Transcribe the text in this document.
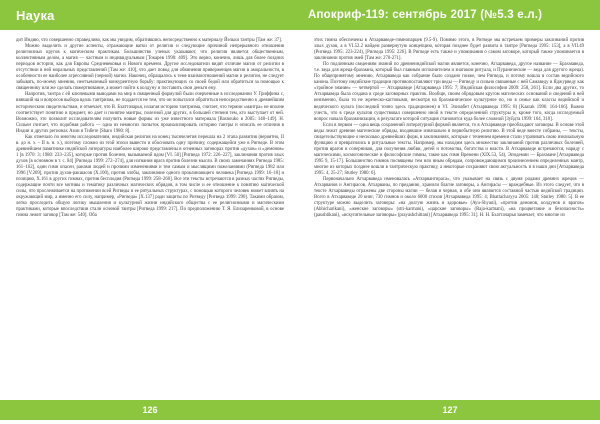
Наука

дит Индию, что совершенно справедливо, как мы увидим, обратившись непосредственно к материалу Йельки тантры [Там же: 37].

Можно выделить и другие аспекты, отражающие ватки от религии и следующие причиной непрерывного отношения религиозных кругов к магическим практикам. Большинство ученых указывают, что религия является общественным, коллективным делом, а магия — частным и индивидуальным [Токарев 1990: 409]. Это верно, конечно, лишь для более поздних периодов истории, как для Европы Средневековья и Нового времени. Другие исследователи видят отличие магии от религии в отсутствии в ней моральных представлений [Там же: 410], что дает повод для обвинения приверженцев магии в аморальности, в особенности ее наиболее агрессивной (черной) магии. Наконец, обращалось к теме взаимоотношений магии и религии, не следует забывать, по-моему мнению, неотъемлемый конкурентную борьбу: практикующих со своей бедой или обратиться за помощью к священнику или же сделать пожертвование, а может пойти к колдуну и поставить свои деньги ему.

Напротив, тантра с ей ключевыми выводами на мир в священный формулой были очерченные в исследовании У. Гриффина с, взявший на и вопросов выбора вдоль тантризма, не поддается не тем, что он попытался обратиться непосредственно к древнейшим историческим свидетельствам, и отмечает, что В. Бхаттачарья, излагая историю тантризма, считает, что термин «мантра» не вполне соответствует понятию и предмет, но дает и понятие мантры, полезной для других, в большей степени тем, кто выступает от ней. Возможно, это позволит исследователям получить новые формы из уже известного материала [Basnouko в 2005: 148–149]. Н. Сильен считает, что подобная работа — одна из немногих попыток проанализировать историю тантры и описать ее отличия в Индии и других регионах Азии и Тибете [Sharo 1980: 8].

Как отмечало по многим исследователям, индийская религия на конец тысячелетия перешла на 2 этапа развития (вероятно, II в. до н. э. – II в. н. э.), поэтому сложно из этой эпохи вывести и обосновать одну причину, содержащейся уже в Ригведе. В этом древнейшем памятнике индийской литературы наиболее широко представлены в огненных заговорах против «духов» и «демонов» 1 [в 1970: 3; 1980: 233–235], которые против болезни, вызываемой ядом [VI. 50] [Ригведа 1972: 226–227], заклинания против злых духов [в основном в т. с. 84] [Ригведа 1999: 272–274], для изгнания врага против болезни мысли. В своих замечаниях Ригведа 1985: 161–162], один гимн опасен, ранами людей и прочими изменениями и тем самым и мыслящими пожеланиями (Ригведа 1982 или 1996 [V.209], против духов-ракшасов (X.100), против злобы, заклинание одного проклинающего человека [Ригведа 1999: 16–18] и позицию, X.161 в других гимнах, против бесплодия (Ригведа 1999: 258–260]. Все эти тексты встречаются в разных частях Ригведы, содержащие почти все мотивы и тематику различных магических обрядов, в том числе и ее отношение к понятию магической силы, что прослеживается на протяжении всей Ригведы и ее ритуальных структурах, с помощью которого человек может влиять на окружающий мир, а именно его силу, например, «Ригведа» [X.137] ради защиты по Ригведу [Ригведа 1999: 290]. Такими образом, легко проследить общую логику мышления и культурной жизни индийского общества с ее религиозными и магическими практиками, которые впоследствии стали основой тантры [Ригведа 1999: 217]. По предположению Т. Я. Елизаренковой, в основе гимна лежит заговор [Там же: 540]. Оба

126
Апокриф-119: сентябрь 2017 (№5.3 е.л.)

этих гимна обеспечены в Атхарваведе-гимнопарцев (9.5-9). Помимо этого, в Ригведе мы встречаем примеры заклинаний против злых духов, а в VI.52.2 найдем развернутую концепцию, которая позднее будет развита в тантре [Ригведа 1995: 153], а в VII.49 (Ригведа 1995: 223-224), [Ригведа 1995: 226]. В Ригведе есть также и упоминания о самом заговоре, который также упоминается в заклинании против змей [Там же: 270-271].

По подлинным сведениям знаний по древнеиндийской магии является, конечно, Атхарваведа, другое название — Брахмаведа, т.е. веда для жреца-брахмана, который был главным исполнителем и знатоком ритуала, и Пуранические — веда для другого жреца). По общепринятому мнению, Атхарваведа как собрание было создано позже, чем Ригведа, и потому вошла в состав ведийского канона. Поэтому индийские традиции противопоставляют три веды — Ригведу и сильно связанные с ней Самаведу и Яджурведу как «тройное знание» — четвертой — Атхарваведе [Атхарваведа 1995: 7; Индийская философия 2009: 258, 261]. Если два других, то Атхарваведа была создана в среде заговорных практик. Вообще, своим обрядовым кругом магических оснований и сведений в ней неизменно, была то не жреческо-кастовыми, несмотря на брахманическое культурное по, но в семье как классы ведийской и ведического культа (последний точно здесь традиционен) в VI. Элизабет (Атхарваведа 1995: 8) [Kaarak 1996: 164-166]. Важно учесть, что в среде культов существовал совершенно иной в тексте определенной структуры и, кроме того, когда исследуемый вопрос начала брахманизации, в результате которой ситуация становится куда более сложной [Зуйдта 1999: 164, 310].

Если в первом — одна вещь сохранений литературной формой является, то в Атхарваведе преобладают заговоры. В основе этой веды лежат древние магические обряды, входившие изначально в первобытную религию. В этой веде вместе собраны, — тексты, свидетельствующие о несколько древнейших форм, в заклинаниях, которые с течением времени стали утрачивать свою изначальную функцию и превратились в ритуальные тексты. Например, мы находим здесь множество заклинаний против различных болезней, против врагов и соперников, для получения любви, детей и потомства, богатства и власти. В Атхарваведе встречаются, наряду с магическими, космогонические и философские гимны, такие как гимн Времени (XIX.53, 54), Эпидемии — Брахмане [Атхарваведа 1995 9, 15-17]. Большинство гимнов посвящены тем или иным обрядам, сопровождающимся произнесением определенных мантр, многие из которых позднее вошли в тантрическую практику, а некоторые сохраняют свою актуальность и в наши дни [Атхарваведа 1995: 4, 25-27; Stutley 1980: 6].

Первоначально Атхарваведа именовалась «Атхарвангираса», что указывает на связь с двумя родами древних жрецов — Атхарванов и Ангирасов. Атхарваны, по преданию, хранили благие заговоры, а Ангирасы — враждебные. Из этого следует, что в тексте Атхарваведы отражены две стороны магии — белая и черная, и обе они являются составной частью ведийской традиции. Всего в Атхарваведе 20 книг, 730 гимнов и около 6000 стихов [Атхарваведа 1995: 4; Bhattacharyya 2005: 148; Stutley 1980: 5]. В ее структуре можно выделить заговоры: «на долгую жизнь и здоровье» (Ayu-Shyani), «против демонов, колдунов и врагов» (Abhicharikani), «женские заговоры» (stri-karmani), «царские заговоры» (Raja-karmani), «на процветание и безопасность» (paushtikani), «искупительные заговоры» (prayashchittani) [Атхарваведа 1995: 31]. Н. Н. Бхаттачарья замечает, что многие из

127
